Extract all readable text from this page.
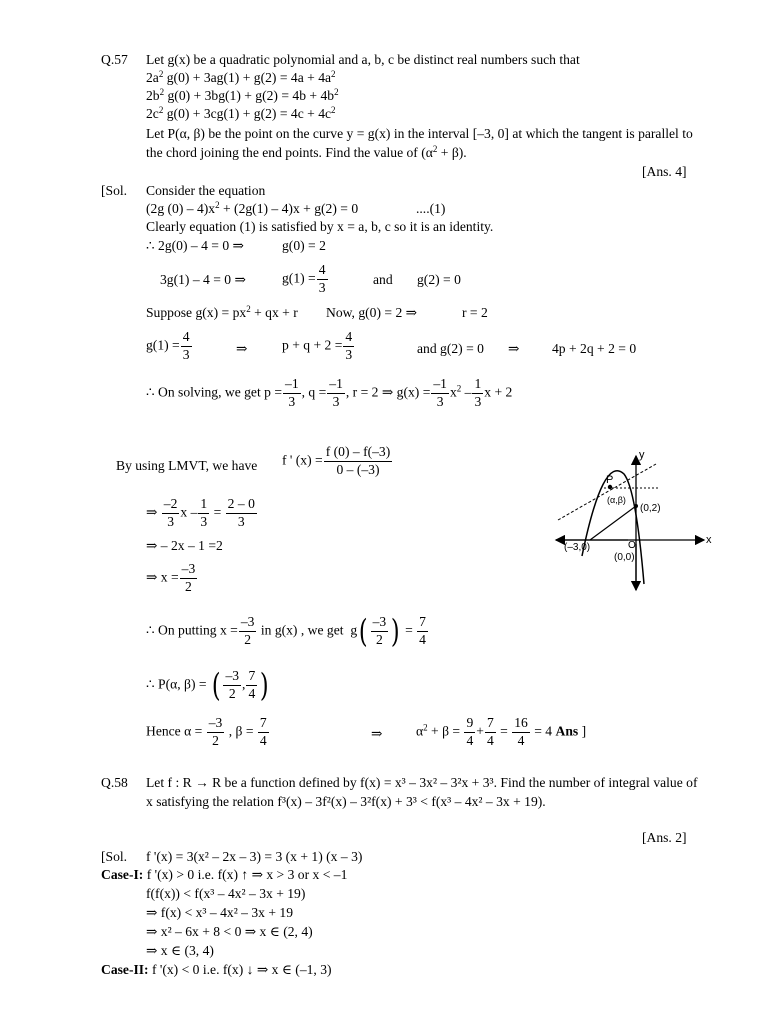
Q.57 Let g(x) be a quadratic polynomial and a, b, c be distinct real numbers such that
$2a^2$ $g(0) + 3ag(1) + g(2) = 4a + 4a^2$
$2b^2$ $g(0) + 3bg(1) + g(2) = 4b + 4b^2$
$2c^2$ $g(0) + 3cg(1) + g(2) = 4c + 4c^2$
Let P(α, β) be the point on the curve y = g(x) in the interval [–3, 0] at which the tangent is parallel to
the chord joining the end points. Find the value of $(\alpha^2 + \beta)$.
[Ans. 4]
[Sol. Consider the equation
(2g $(0) - 4)x^2 + (2g(1) - 4)x + g(2) = 0$	....(1)
Clearly equation (1) is satisfied by x = a, b, c so it is an identity.
∴ 2g(0) – 4 = 0 ⇒	g(0) = 2
3g(1) – 4 = 0 ⇒	$g(1) = \frac{4}{3}$	and g(2) = 0
Suppose $g(x) = px^2$ + qx + r Now, g(0) = 2 ⇒	r = 2
$g(1) = \frac{4}{3}$	⇒	$p + q + 2 = \frac{4}{3}$	and g(2) = 0 ⇒ 4p + 2q + 2 = 0
∴ On solving, we get $p = \frac{-1}{3}$ , $q = \frac{-1}{3}$ , r = 2 ⇒ $g(x) = \frac{-1}{3} x^2 - \frac{1}{3}$ x + 2
By using LMVT, we have f ' $(x) = \frac{f (0) - f(-3)}{0 - (-3)}$
⇒ $\frac{-2}{3}$ $x - \frac{1}{3} = \frac{2 - 0}{3}$
⇒ – 2x – 1 =2
⇒ $x = \frac{-3}{2}$
∴ On putting $x = \frac{-3}{2}$ in g(x) , we get $g( \frac{-3}{2}$ ) = $\frac{7}{4}$
∴ P(α, β) = ( $\frac{-3}{2}$ , $\frac{7}{4}$ )
Hence $\alpha = \frac{-3}{2}$ , $\beta = \frac{7}{4}$	⇒ $\alpha^2 + \beta = \frac{9}{4} + \frac{7}{4} = \frac{16}{4} = 4$ Ans ]
y
x
P
(α,β)
(0,2)
(–3,0)	O
(0,0)
Q.58 Let f : R → R be a function defined by f(x) = x³ – 3x² – 3²x + 3³. Find the number of integral value of
x satisfying the relation f³(x) – 3f²(x) – 3²f(x) + 3³ < f(x³ – 4x² – 3x + 19).
[Ans. 2]
[Sol. f '(x) = 3(x² – 2x – 3) = 3 (x + 1) (x – 3)
Case-I: f '(x) > 0 i.e. f(x) ↑ ⇒ x > 3 or x < –1
f(f(x)) < f(x³ – 4x² – 3x + 19)
⇒ f(x) < x³ – 4x² – 3x + 19
⇒ x² – 6x + 8 < 0 ⇒ x ∈ (2, 4)
⇒ x ∈ (3, 4)
Case-II: f '(x) < 0 i.e. f(x) ↓ ⇒ x ∈ (–1, 3)
